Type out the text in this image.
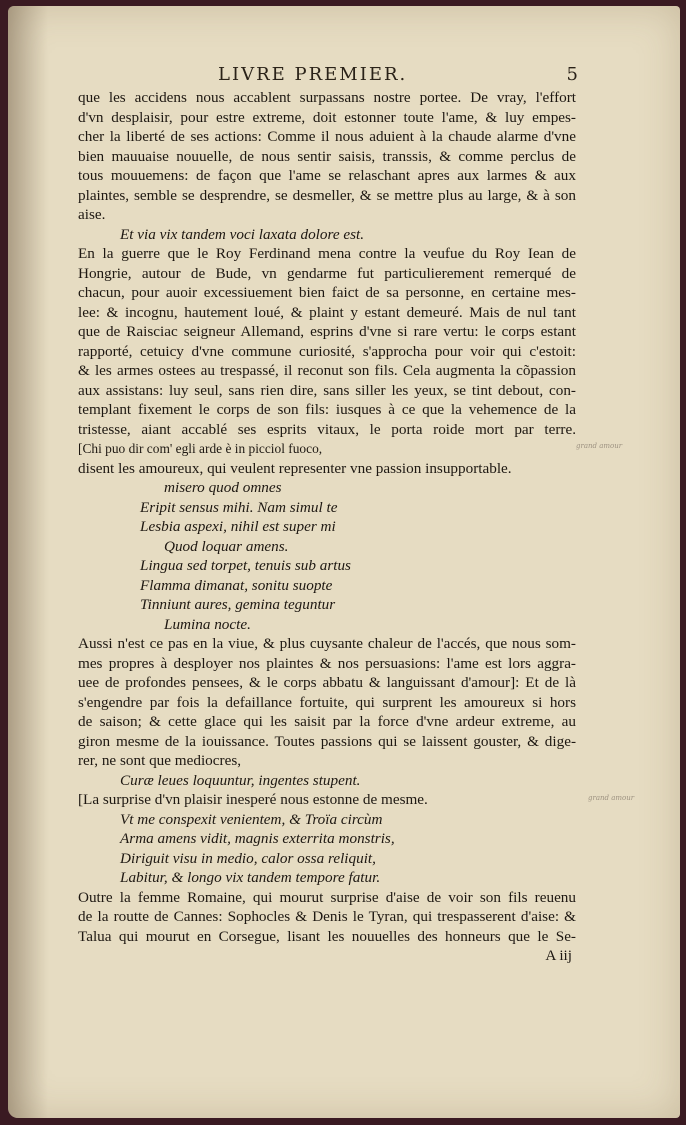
LIVRE PREMIER.	5
que les accidens nous accablent surpassans nostre portee. De vray, l'effort
d'vn desplaisir, pour estre extreme, doit estonner toute l'ame, & luy empes-
cher la liberté de ses actions: Comme il nous aduient à la chaude alarme d'vne
bien mauuaise nouuelle, de nous sentir saisis, transsis, & comme perclus de
tous mouuemens: de façon que l'ame se relaschant apres aux larmes & aux
plaintes, semble se desprendre, se desmeller, & se mettre plus au large, & à son
aise.
Et via vix tandem voci laxata dolore est.
En la guerre que le Roy Ferdinand mena contre la veufue du Roy Iean de
Hongrie, autour de Bude, vn gendarme fut particulierement remerqué de
chacun, pour auoir excessiuement bien faict de sa personne, en certaine mes-
lee: & incognu, hautement loué, & plaint y estant demeuré. Mais de nul tant
que de Raisciac seigneur Allemand, esprins d'vne si rare vertu: le corps estant
rapporté, cetuicy d'vne commune curiosité, s'approcha pour voir qui c'estoit:
& les armes ostees au trespassé, il reconut son fils. Cela augmenta la cõpassion
aux assistans: luy seul, sans rien dire, sans siller les yeux, se tint debout, con-
templant fixement le corps de son fils: iusques à ce que la vehemence de la
tristesse, aiant accablé ses esprits vitaux, le porta roide mort par terre.
[Chi puo dir com' egli arde è in picciol fuoco,
disent les amoureux, qui veulent representer vne passion insupportable.
misero quod omnes
Eripit sensus mihi. Nam simul te
Lesbia aspexi, nihil est super mi
Quod loquar amens.
Lingua sed torpet, tenuis sub artus
Flamma dimanat, sonitu suopte
Tinniunt aures, gemina teguntur
Lumina nocte.
Aussi n'est ce pas en la viue, & plus cuysante chaleur de l'accés, que nous som-
mes propres à desployer nos plaintes & nos persuasions: l'ame est lors aggra-
uee de profondes pensees, & le corps abbatu & languissant d'amour]: Et de là
s'engendre par fois la defaillance fortuite, qui surprent les amoureux si hors
de saison; & cette glace qui les saisit par la force d'vne ardeur extreme, au
giron mesme de la iouissance. Toutes passions qui se laissent gouster, & dige-
rer, ne sont que mediocres,
Curæ leues loquuntur, ingentes stupent.
[La surprise d'vn plaisir inesperé nous estonne de mesme.
Vt me conspexit venientem, & Troïa circùm
Arma amens vidit, magnis exterrita monstris,
Diriguit visu in medio, calor ossa reliquit,
Labitur, & longo vix tandem tempore fatur.
Outre la femme Romaine, qui mourut surprise d'aise de voir son fils reuenu
de la routte de Cannes: Sophocles & Denis le Tyran, qui trespasserent d'aise: &
Talua qui mourut en Corsegue, lisant les nouuelles des honneurs que le Se-
A iij
grand amour
grand amour
